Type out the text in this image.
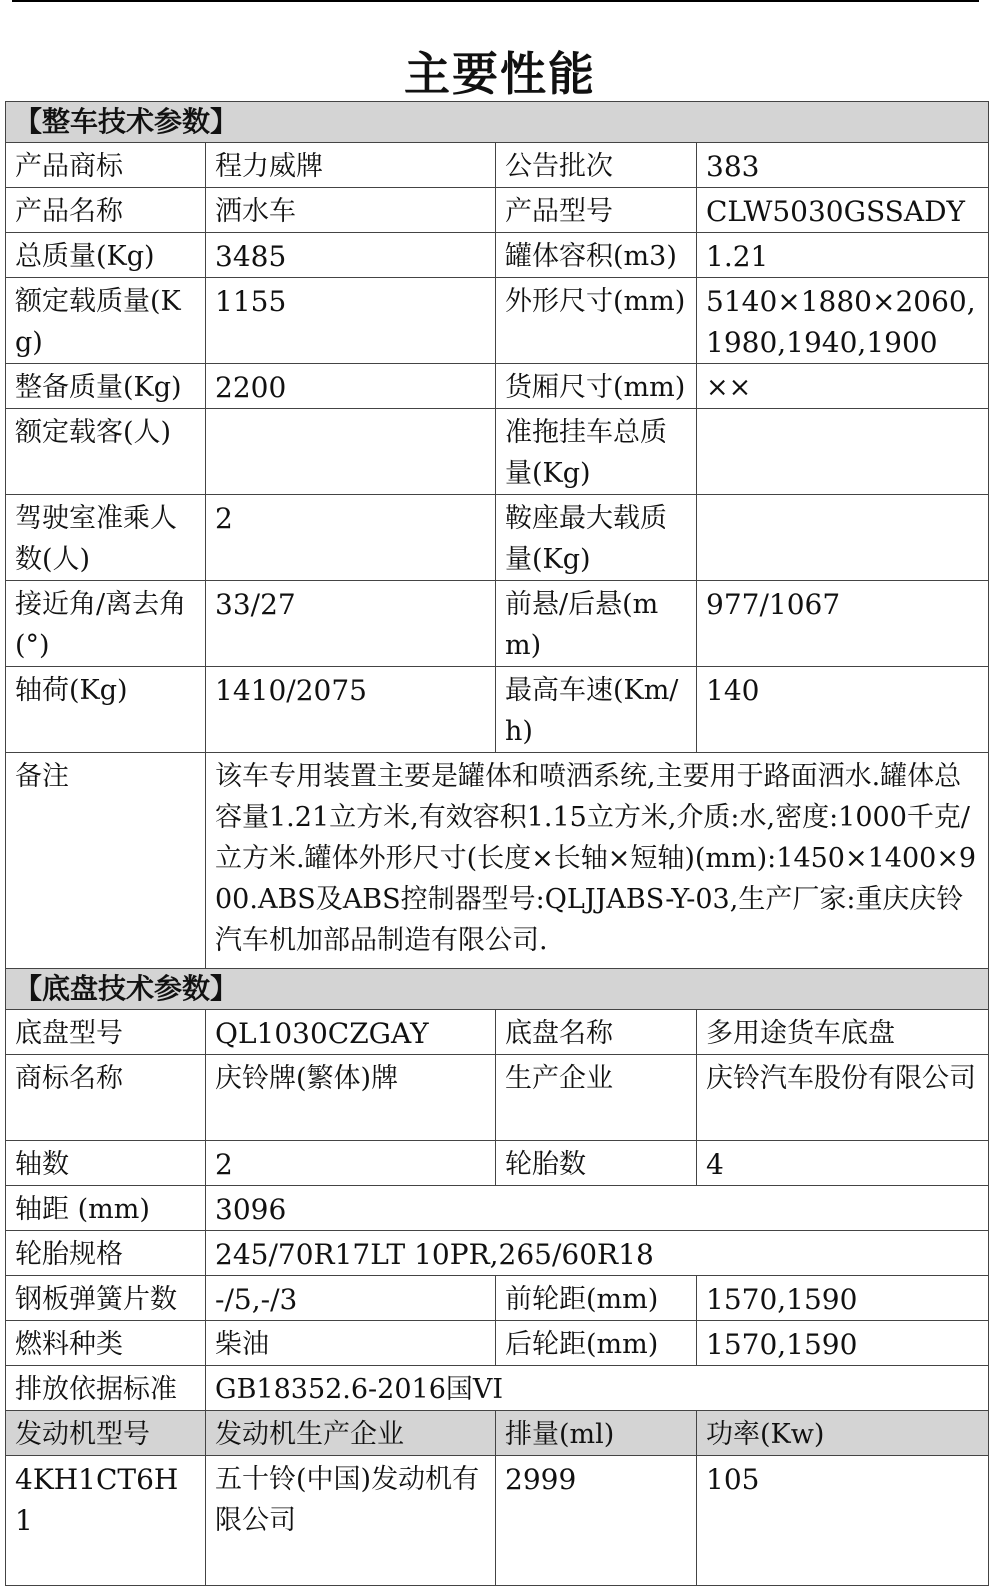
主要性能
【整车技术参数】			
产品商标	程力威牌	公告批次	383
产品名称	洒水车	产品型号	CLW5030GSSADY
总质量(Kg)	3485	罐体容积(m3)	1.21
额定载质量(Kg)	1155	外形尺寸(mm)	5140×1880×2060,1980,1940,1900
整备质量(Kg)	2200	货厢尺寸(mm)	××
额定载客(人)		准拖挂车总质量(Kg)	
驾驶室准乘人数(人)	2	鞍座最大载质量(Kg)	
接近角/离去角(°)	33/27	前悬/后悬(mm)	977/1067
轴荷(Kg)	1410/2075	最高车速(Km/h)	140
备注	该车专用装置主要是罐体和喷洒系统,主要用于路面洒水.罐体总容量1.21立方米,有效容积1.15立方米,介质:水,密度:1000千克/立方米.罐体外形尺寸(长度×长轴×短轴)(mm):1450×1400×900.ABS及ABS控制器型号:QLJJABS-Y-03,生产厂家:重庆庆铃汽车机加部品制造有限公司.		
【底盘技术参数】			
底盘型号	QL1030CZGAY	底盘名称	多用途货车底盘
商标名称	庆铃牌(繁体)牌	生产企业	庆铃汽车股份有限公司
轴数	2	轮胎数	4
轴距 (mm)	3096		
轮胎规格	245/70R17LT 10PR,265/60R18		
钢板弹簧片数	-/5,-/3	前轮距(mm)	1570,1590
燃料种类	柴油	后轮距(mm)	1570,1590
排放依据标准	GB18352.6-2016国VI		
发动机型号	发动机生产企业	排量(ml)	功率(Kw)
4KH1CT6H1	五十铃(中国)发动机有限公司	2999	105
